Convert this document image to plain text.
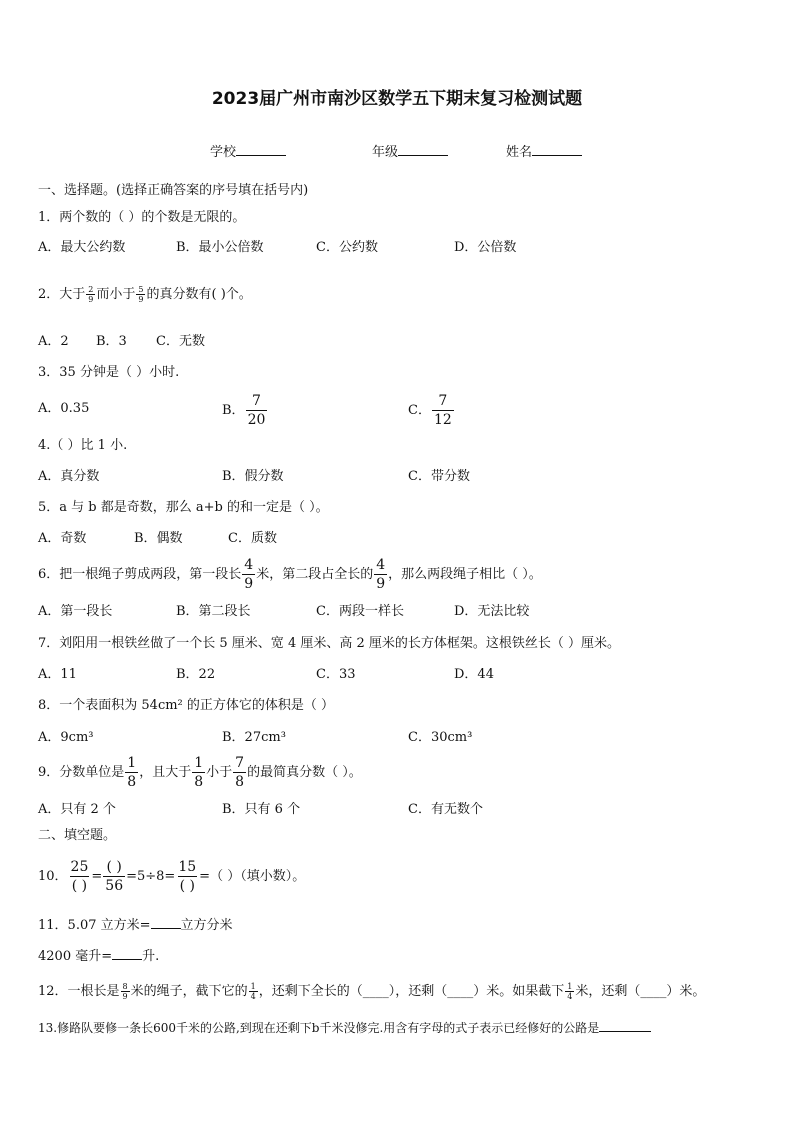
2023届广州市南沙区数学五下期末复习检测试题
学校	年级	姓名
一、选择题。(选择正确答案的序号填在括号内)
1．两个数的（ ）的个数是无限的。
A．最大公约数	B．最小公倍数	C．公约数	D．公倍数
2．大于 $\frac{2}{9}$ 而小于 $\frac{5}{9}$ 的真分数有( )个。
A．2 B．3 C．无数
3．35 分钟是（ ）小时.
A．0.35	B． $\frac{7}{20}$	C． $\frac{7}{12}$
4.（ ）比 1 小.
A．真分数	B．假分数	C．带分数
5．a 与 b 都是奇数，那么 a+b 的和一定是（ ）。
A．奇数	B．偶数	C．质数
6．把一根绳子剪成两段，第一段长 $\frac{4}{9}$ 米，第二段占全长的 $\frac{4}{9}$ ，那么两段绳子相比（ ）。
A．第一段长	B．第二段长	C．两段一样长	D．无法比较
7．刘阳用一根铁丝做了一个长 5 厘米、宽 4 厘米、高 2 厘米的长方体框架。这根铁丝长（ ）厘米。
A．11	B．22	C．33	D．44
8．一个表面积为 54cm² 的正方体它的体积是（ ）
A．9cm³	B．27cm³	C．30cm³
9．分数单位是 $\frac{1}{8}$ ，且大于 $\frac{1}{8}$ 小于 $\frac{7}{8}$ 的最简真分数（ ）。
A．只有 2 个	B．只有 6 个	C．有无数个
二、填空题。
10． $\frac{25}{( )} = \frac{( )}{56} =5\div 8= \frac{15}{( )}$ =（ ）（填小数）。
11．5.07 立方米= 立方分米
4200 毫升= 升.
12．一根长是 $\frac{8}{9}$ 米的绳子，截下它的 $\frac{1}{4}$ ，还剩下全长的（____），还剩（____）米。如果截下 $\frac{1}{4}$ 米，还剩（____）米。
13.修路队要修一条长600千米的公路,到现在还剩下b千米没修完.用含有字母的式子表示已经修好的公路是
